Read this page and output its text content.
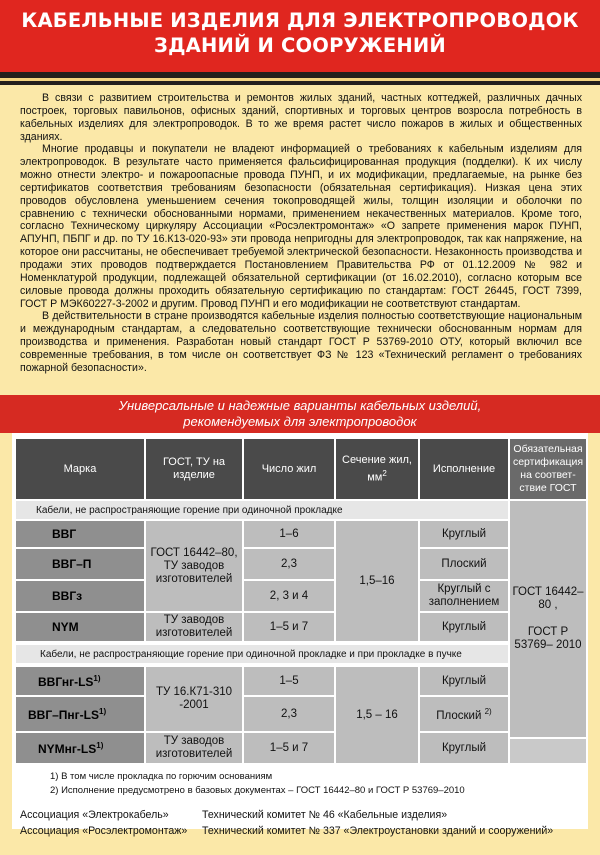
КАБЕЛЬНЫЕ ИЗДЕЛИЯ ДЛЯ ЭЛЕКТРОПРОВОДОК
ЗДАНИЙ И СООРУЖЕНИЙ

В связи с развитием строительства и ремонтов жилых зданий, частных коттеджей, различных дачных построек, торговых павильонов, офисных зданий, спортивных и торговых центров возросла потребность в кабельных изделиях для электропроводок. В то же время растет число пожаров в жилых и общественных зданиях.

Многие продавцы и покупатели не владеют информацией о требованиях к кабельным изделиям для электропроводок. В результате часто применяется фальсифицированная продукция (подделки). К их числу можно отнести электро- и пожароопасные провода ПУНП, и их модификации, предлагаемые, на рынке без сертификатов соответствия требованиям безопасности (обязательная сертификация). Низкая цена этих проводов обусловлена уменьшением сечения токопроводящей жилы, толщин изоляции и оболочки по сравнению с технически обоснованными нормами, применением некачественных материалов. Кроме того, согласно Техническому циркуляру Ассоциации «Росэлектромонтаж» «О запрете применения марок ПУНП, АПУНП, ПБПГ и др. по ТУ 16.К13-020-93» эти провода непригодны для электропроводок, так как напряжение, на которое они рассчитаны, не обеспечивает требуемой электрической безопасности. Незаконность производства и продажи этих проводов подтверждается Постановлением Правительства РФ от 01.12.2009 № 982 и Номенклатурой продукции, подлежащей обязательной сертификации (от 16.02.2010), согласно которым все силовые провода должны проходить обязательную сертификацию по стандартам: ГОСТ 26445, ГОСТ 7399, ГОСТ Р МЭК60227-3-2002 и другим. Провод ПУНП и его модификации не соответствуют стандартам.

В действительности в стране производятся кабельные изделия полностью соответствующие национальным и международным стандартам, а следовательно соответствующие технически обоснованным нормам для производства и применения. Разработан новый стандарт ГОСТ Р 53769-2010 ОТУ, который включил все современные требования, в том числе он соответствует ФЗ № 123 «Технический регламент о требованиях пожарной безопасности».

Универсальные и надежные варианты кабельных изделий,
рекомендуемых для электропроводок
Марка
ГОСТ, ТУ на изделие
Число жил
Сечение жил, $мм^2$	Исполнение
Обязательная сертификация на соответ-ствие ГОСТ
Кабели, не распространяющие горение при одиночной прокладке
ВВГ
ВВГ–П
ВВГз
NYM
ГОСТ 16442–80, ТУ заводов изготовителей
ТУ заводов изготовителей
1–6
2,3
2, 3 и 4
1–5 и 7
1,5–16
Круглый
Плоский
Круглый с заполнением
Круглый
ГОСТ 16442–80 ,
ГОСТ Р 53769– 2010
Кабели, не распространяющие горение при одиночной прокладке и при прокладке в пучке
ВВГнг-LS$^{1)}$
ВВГ–Пнг-LS$^{1)}$
NYMнг-LS$^{1)}$
ТУ 16.К71-310 -2001
ТУ заводов изготовителей
1–5
2,3
1–5 и 7
1,5 – 16
Круглый
Плоский $^{2)}$
Круглый
1) В том числе прокладка по горючим основаниям
2) Исполнение предусмотрено в базовых документах – ГОСТ 16442–80 и ГОСТ Р 53769–2010
Ассоциация «Электрокабель»	Технический комитет № 46 «Кабельные изделия»
Ассоциация «Росэлектромонтаж» Технический комитет № 337 «Электроустановки зданий и сооружений»
